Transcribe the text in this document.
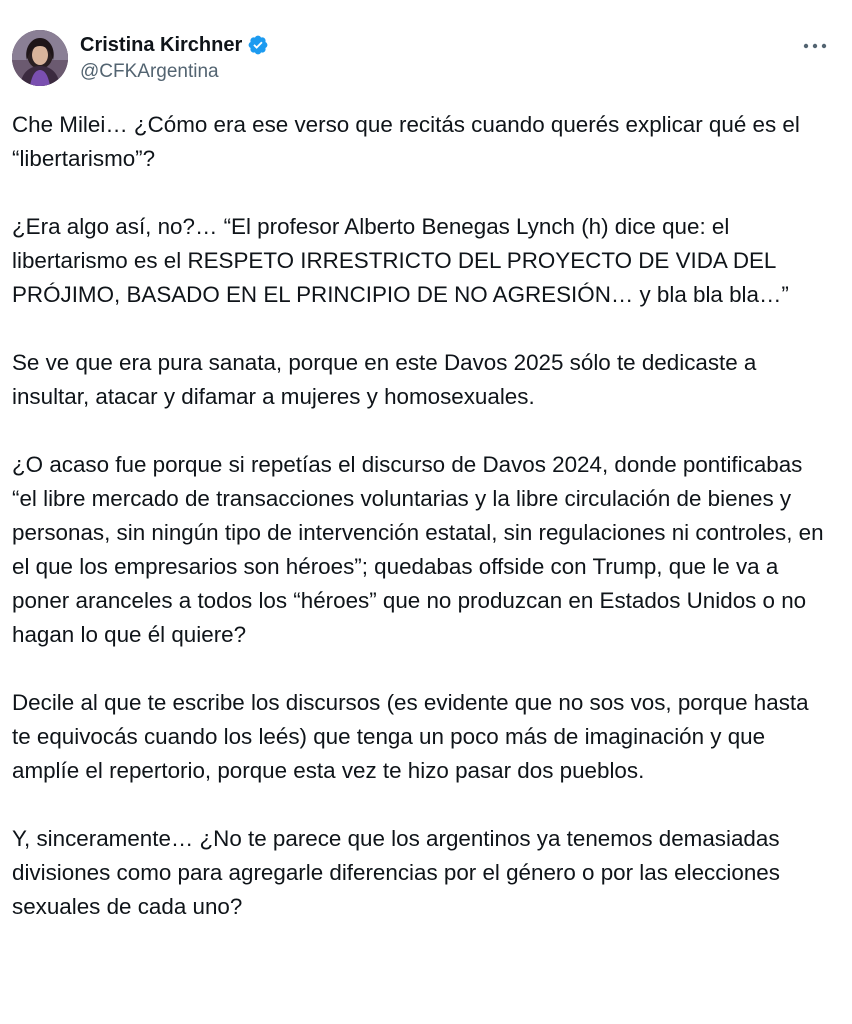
Cristina Kirchner
@CFKArgentina

Che Milei… ¿Cómo era ese verso que recitás cuando querés explicar qué es el “libertarismo”?

¿Era algo así, no?… “El profesor Alberto Benegas Lynch (h) dice que: el libertarismo es el RESPETO IRRESTRICTO DEL PROYECTO DE VIDA DEL PRÓJIMO, BASADO EN EL PRINCIPIO DE NO AGRESIÓN… y bla bla bla…”

Se ve que era pura sanata, porque en este Davos 2025 sólo te dedicaste a insultar, atacar y difamar a mujeres y homosexuales.

¿O acaso fue porque si repetías el discurso de Davos 2024, donde pontificabas “el libre mercado de transacciones voluntarias y la libre circulación de bienes y personas, sin ningún tipo de intervención estatal, sin regulaciones ni controles, en el que los empresarios son héroes”; quedabas offside con Trump, que le va a poner aranceles a todos los “héroes” que no produzcan en Estados Unidos o no hagan lo que él quiere?

Decile al que te escribe los discursos (es evidente que no sos vos, porque hasta te equivocás cuando los leés) que tenga un poco más de imaginación y que amplíe el repertorio, porque esta vez te hizo pasar dos pueblos.

Y, sinceramente… ¿No te parece que los argentinos ya tenemos demasiadas divisiones como para agregarle diferencias por el género o por las elecciones sexuales de cada uno?
